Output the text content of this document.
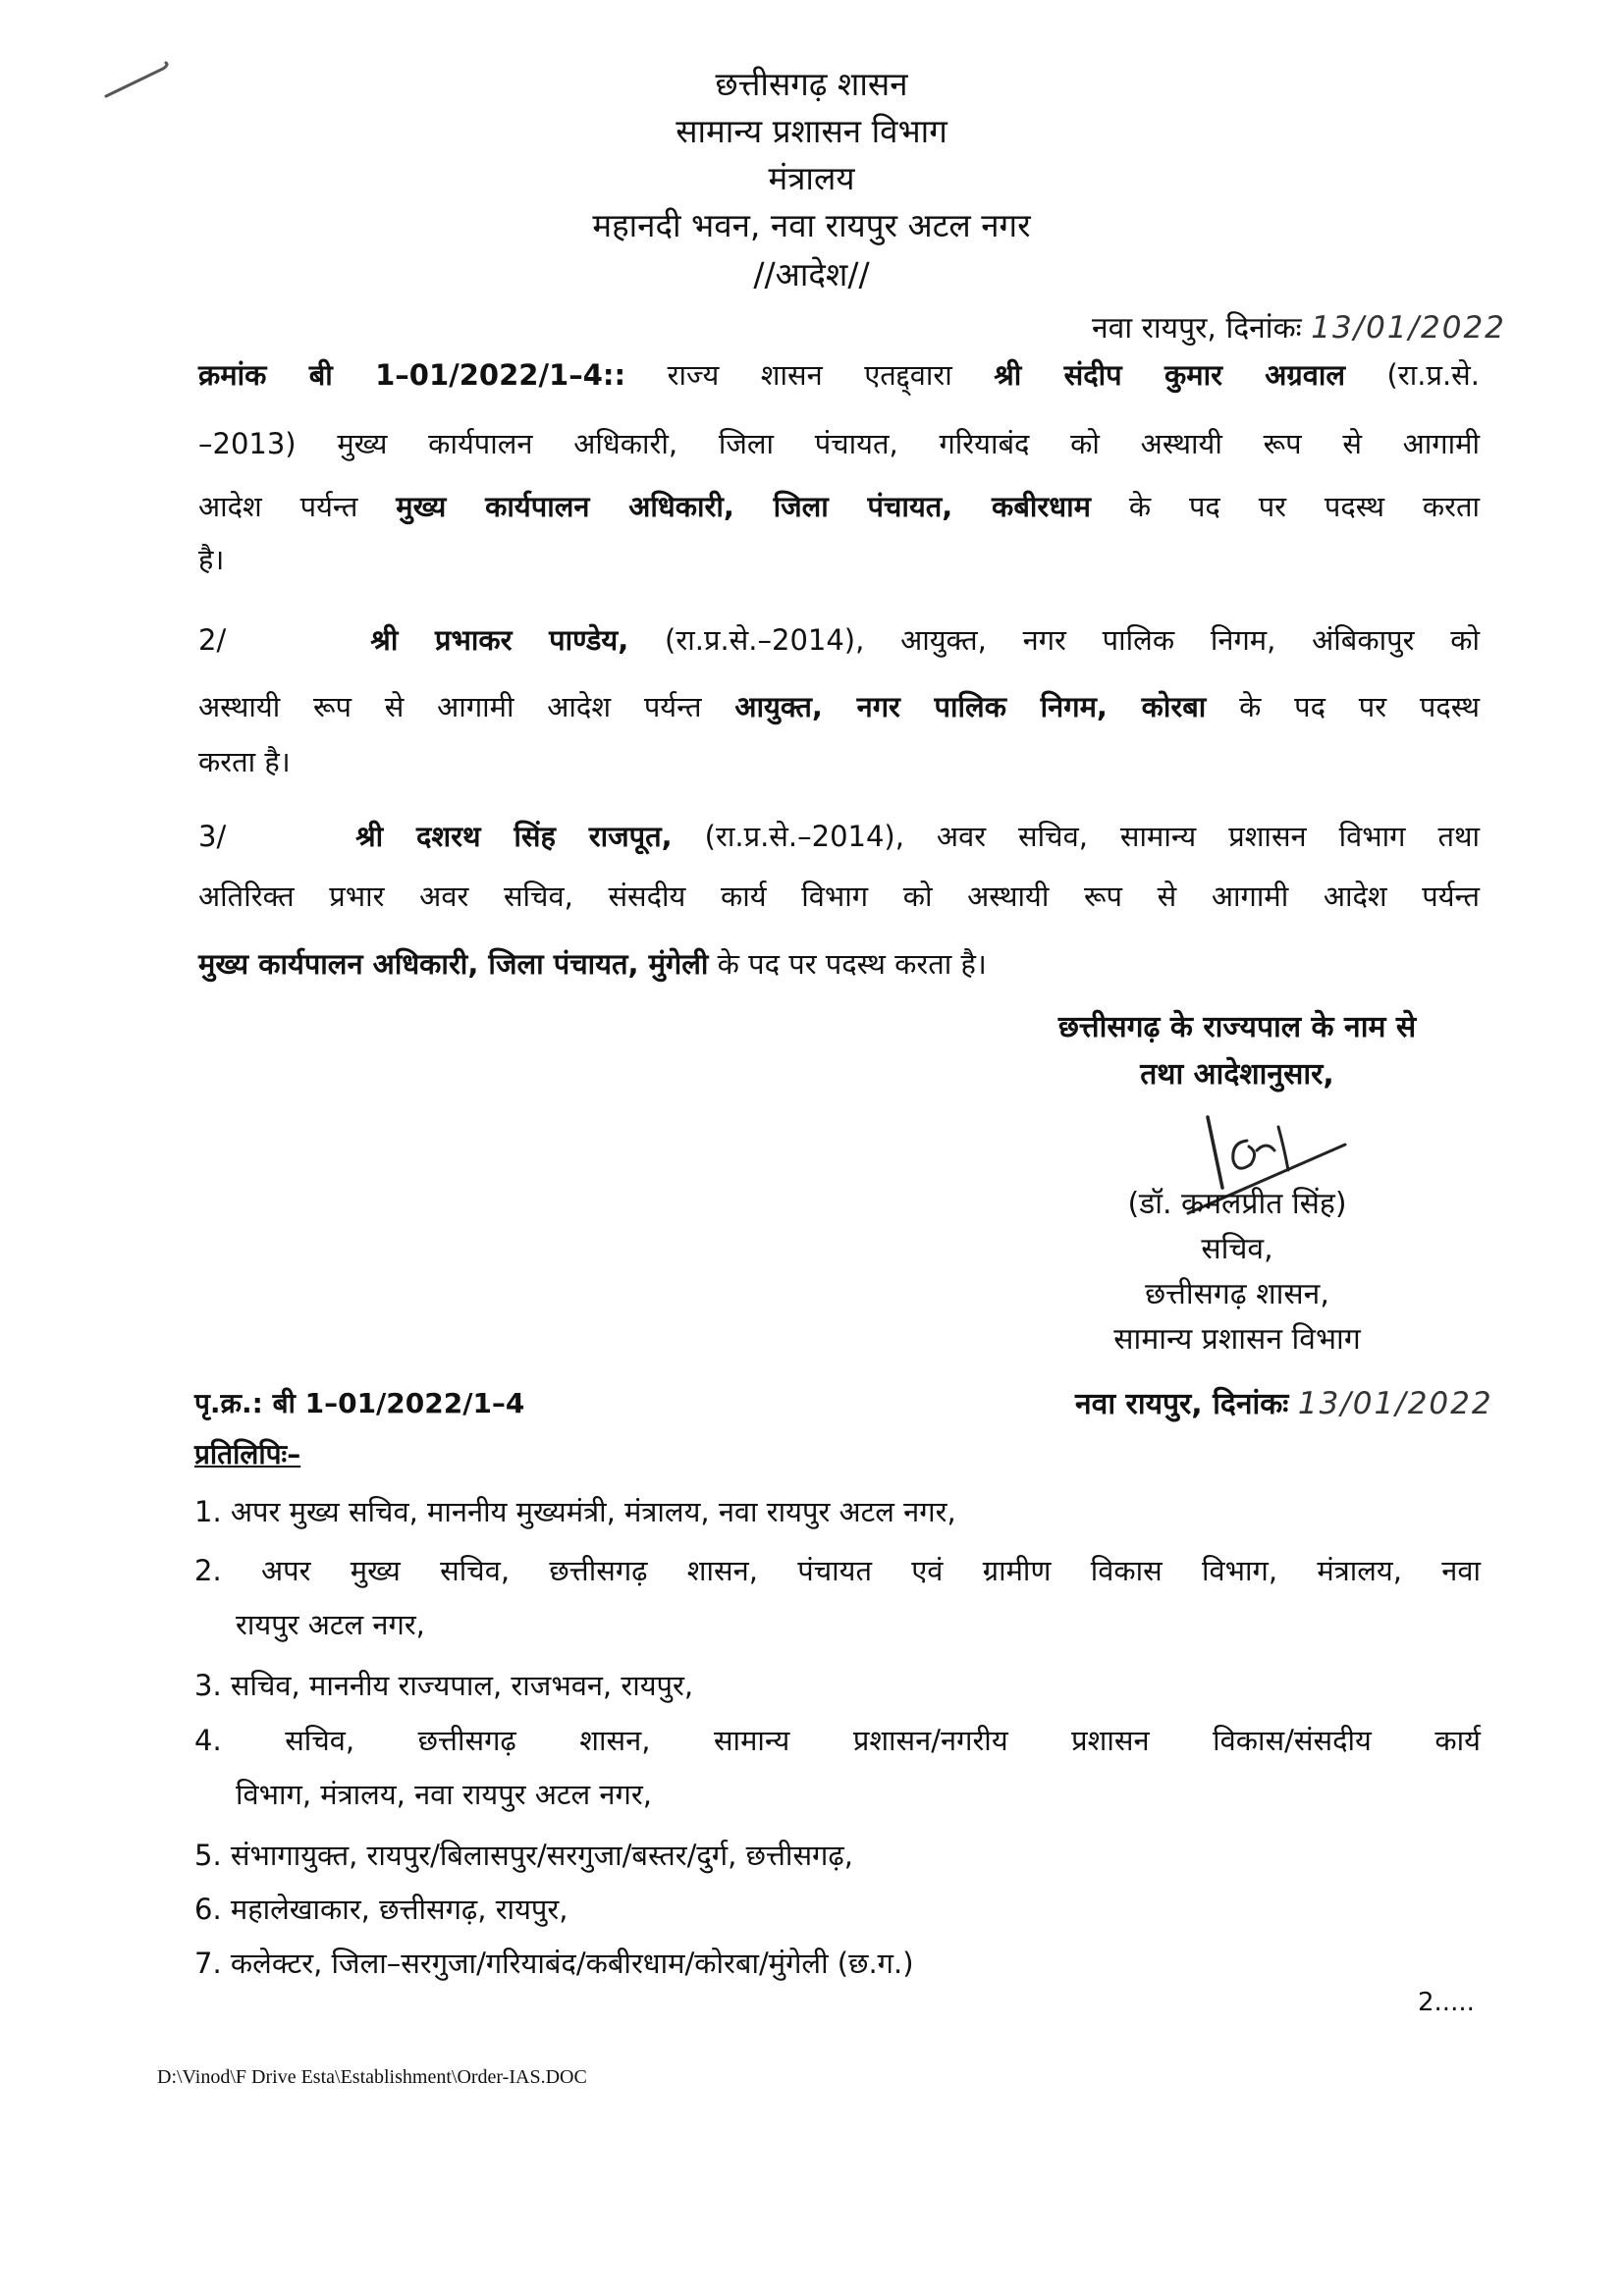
छत्तीसगढ़ शासन
सामान्य प्रशासन विभाग
मंत्रालय
महानदी भवन, नवा रायपुर अटल नगर
//आदेश//
नवा रायपुर, दिनांकः 13/01/2022
क्रमांक बी 1–01/2022/1–4:: राज्य शासन एतद्द्वारा श्री संदीप कुमार अग्रवाल (रा.प्र.से.
–2013) मुख्य कार्यपालन अधिकारी, जिला पंचायत, गरियाबंद को अस्थायी रूप से आगामी
आदेश पर्यन्त मुख्य कार्यपालन अधिकारी, जिला पंचायत, कबीरधाम के पद पर पदस्थ करता
है।
2/	श्री प्रभाकर पाण्डेय, (रा.प्र.से.–2014), आयुक्त, नगर पालिक निगम, अंबिकापुर को
अस्थायी रूप से आगामी आदेश पर्यन्त आयुक्त, नगर पालिक निगम, कोरबा के पद पर पदस्थ
करता है।
3/	श्री दशरथ सिंह राजपूत, (रा.प्र.से.–2014), अवर सचिव, सामान्य प्रशासन विभाग तथा
अतिरिक्त प्रभार अवर सचिव, संसदीय कार्य विभाग को अस्थायी रूप से आगामी आदेश पर्यन्त
मुख्य कार्यपालन अधिकारी, जिला पंचायत, मुंगेली के पद पर पदस्थ करता है।
छत्तीसगढ़ के राज्यपाल के नाम से
तथा आदेशानुसार,
(डॉ. कमलप्रीत सिंह)
सचिव,
छत्तीसगढ़ शासन,
सामान्य प्रशासन विभाग
पृ.क्र.: बी 1–01/2022/1–4	नवा रायपुर, दिनांकः 13/01/2022
प्रतिलिपिः–
1. अपर मुख्य सचिव, माननीय मुख्यमंत्री, मंत्रालय, नवा रायपुर अटल नगर,
2. अपर मुख्य सचिव, छत्तीसगढ़ शासन, पंचायत एवं ग्रामीण विकास विभाग, मंत्रालय, नवा
रायपुर अटल नगर,
3. सचिव, माननीय राज्यपाल, राजभवन, रायपुर,
4. सचिव, छत्तीसगढ़ शासन, सामान्य प्रशासन/नगरीय प्रशासन विकास/संसदीय कार्य
विभाग, मंत्रालय, नवा रायपुर अटल नगर,
5. संभागायुक्त, रायपुर/बिलासपुर/सरगुजा/बस्तर/दुर्ग, छत्तीसगढ़,
6. महालेखाकार, छत्तीसगढ़, रायपुर,
7. कलेक्टर, जिला–सरगुजा/गरियाबंद/कबीरधाम/कोरबा/मुंगेली (छ.ग.)
2.....
D:\Vinod\F Drive Esta\Establishment\Order-IAS.DOC
